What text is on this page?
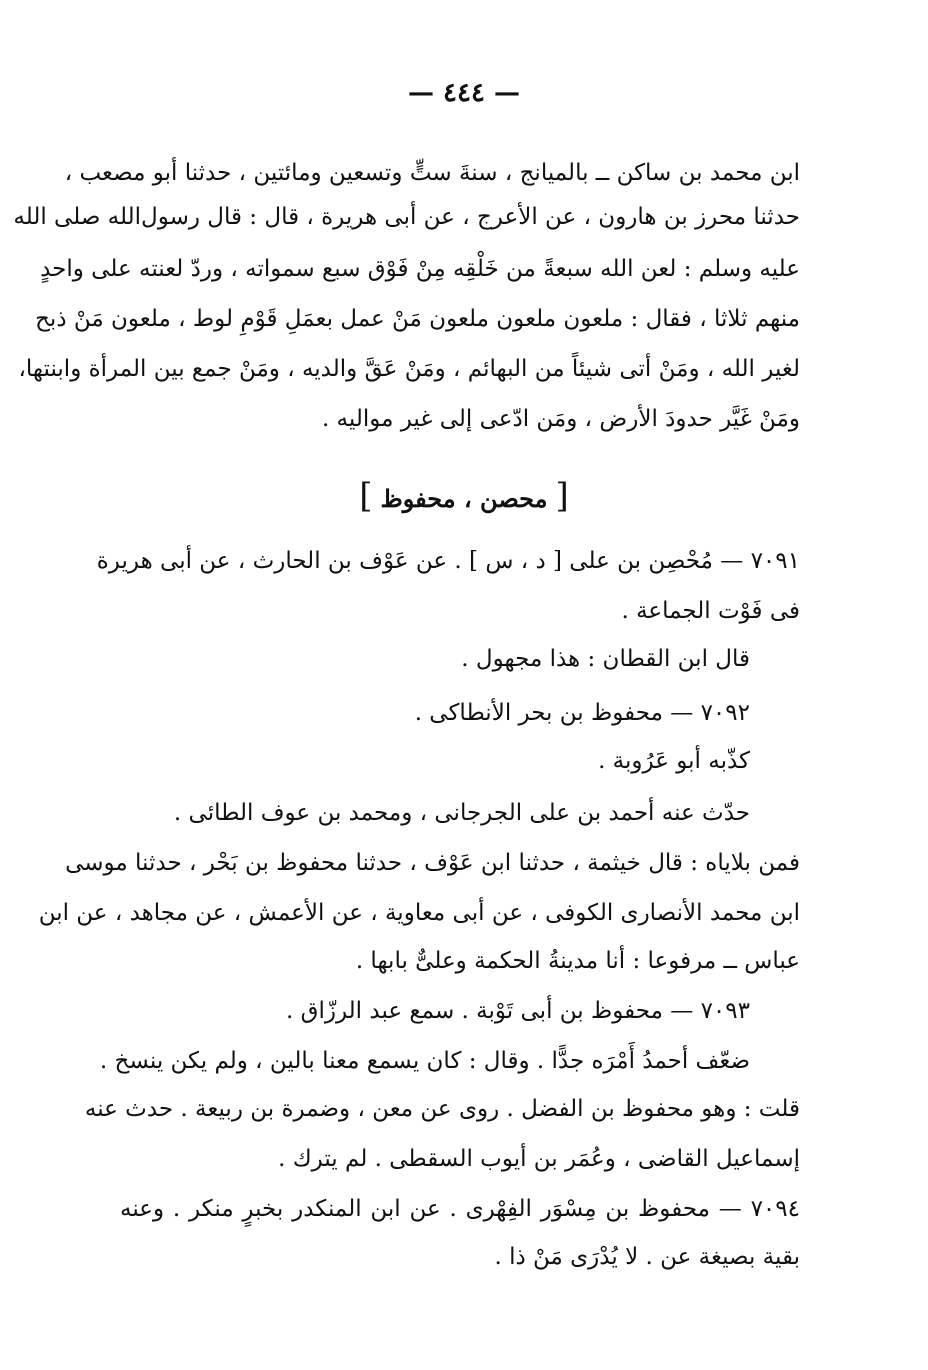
— ٤٤٤ —
ابن محمد بن ساكن ــ بالميانج ، سنةَ ستٍّ وتسعين ومائتين ، حدثنا أبو مصعب ،
حدثنا محرز بن هارون ، عن الأعرج ، عن أبى هريرة ، قال : قال رسول‌الله صلى الله
عليه وسلم : لعن الله سبعةً من خَلْقِه مِنْ فَوْق سبع سمواته ، وردّ لعنته على واحدٍ
منهم ثلاثا ، فقال : ملعون ملعون ملعون مَنْ عمل بعمَلِ قَوْمِ لوط ، ملعون مَنْ ذبح
لغير الله ، ومَنْ أتى شيئاً من البهائم ، ومَنْ عَقَّ والديه ، ومَنْ جمع بين المرأة وابنتها،
ومَنْ غَيَّر حدودَ الأرض ، ومَن ادّعى إلى غير مواليه .
[محصن ، محفوظ]
٧٠٩١ — مُحْصِن بن على [ د ، س ] . عن عَوْف بن الحارث ، عن أبى هريرة
فى فَوْت الجماعة .
قال ابن القطان : هذا مجهول .
٧٠٩٢ — محفوظ بن بحر الأنطاكى .
كذّبه أبو عَرُوبة .
حدّث عنه أحمد بن على الجرجانى ، ومحمد بن عوف الطائى .
فمن بلاياه : قال خيثمة ، حدثنا ابن عَوْف ، حدثنا محفوظ بن بَحْر ، حدثنا موسى
ابن محمد الأنصارى الكوفى ، عن أبى معاوية ، عن الأعمش ، عن مجاهد ، عن ابن
عباس ــ مرفوعا : أنا مدينةُ الحكمة وعلىٌّ بابها .
٧٠٩٣ — محفوظ بن أبى تَوْبة . سمع عبد الرزّاق .
ضعّف أحمدُ أَمْرَه جدًّا . وقال : كان يسمع معنا بالين ، ولم يكن ينسخ .
قلت : وهو محفوظ بن الفضل . روى عن معن ، وضمرة بن ربيعة . حدث عنه
إسماعيل القاضى ، وعُمَر بن أيوب السقطى . لم يترك .
٧٠٩٤ — محفوظ بن مِسْوَر الفِهْرى . عن ابن المنكدر بخبرٍ منكر . وعنه
بقية بصيغة عن . لا يُدْرَى مَنْ ذا .
